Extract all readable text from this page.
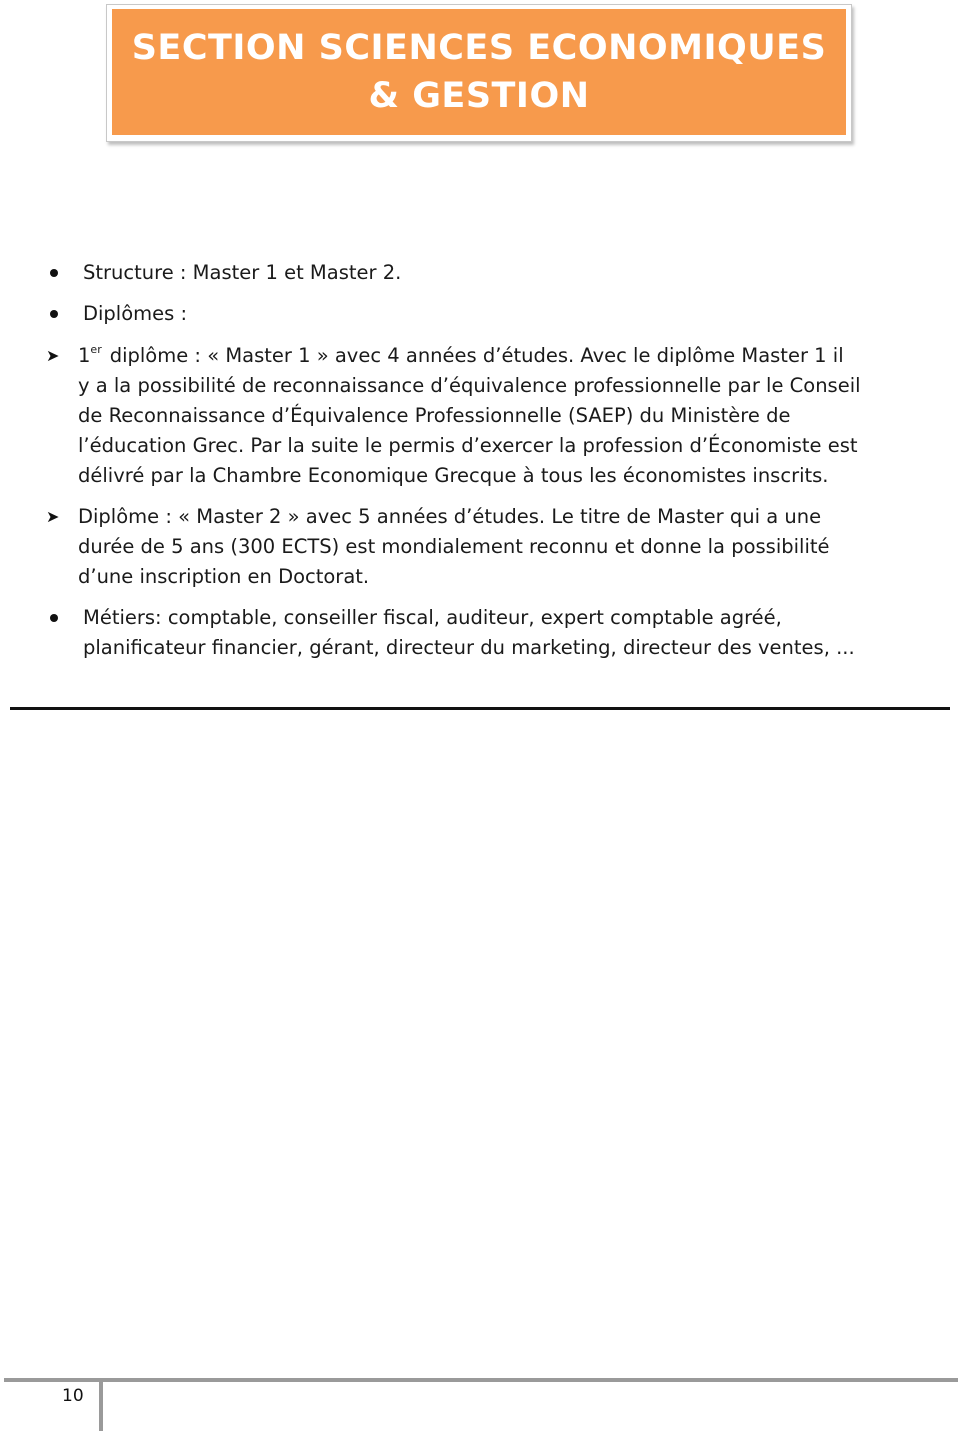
SECTION SCIENCES ECONOMIQUES
& GESTION

Structure : Master 1 et Master 2.

Diplômes :

➤ 1er diplôme : « Master 1 » avec 4 années d’études. Avec le diplôme Master 1 il

y a la possibilité de reconnaissance d’équivalence professionnelle par le Conseil

de Reconnaissance d’Équivalence Professionnelle (SAEP) du Ministère de

l’éducation Grec. Par la suite le permis d’exercer la profession d’Économiste est

délivré par la Chambre Economique Grecque à tous les économistes inscrits.

➤ Diplôme : « Master 2 » avec 5 années d’études. Le titre de Master qui a une

durée de 5 ans (300 ECTS) est mondialement reconnu et donne la possibilité

d’une inscription en Doctorat.

Métiers: comptable, conseiller fiscal, auditeur, expert comptable agréé,

planificateur financier, gérant, directeur du marketing, directeur des ventes, ...

10
